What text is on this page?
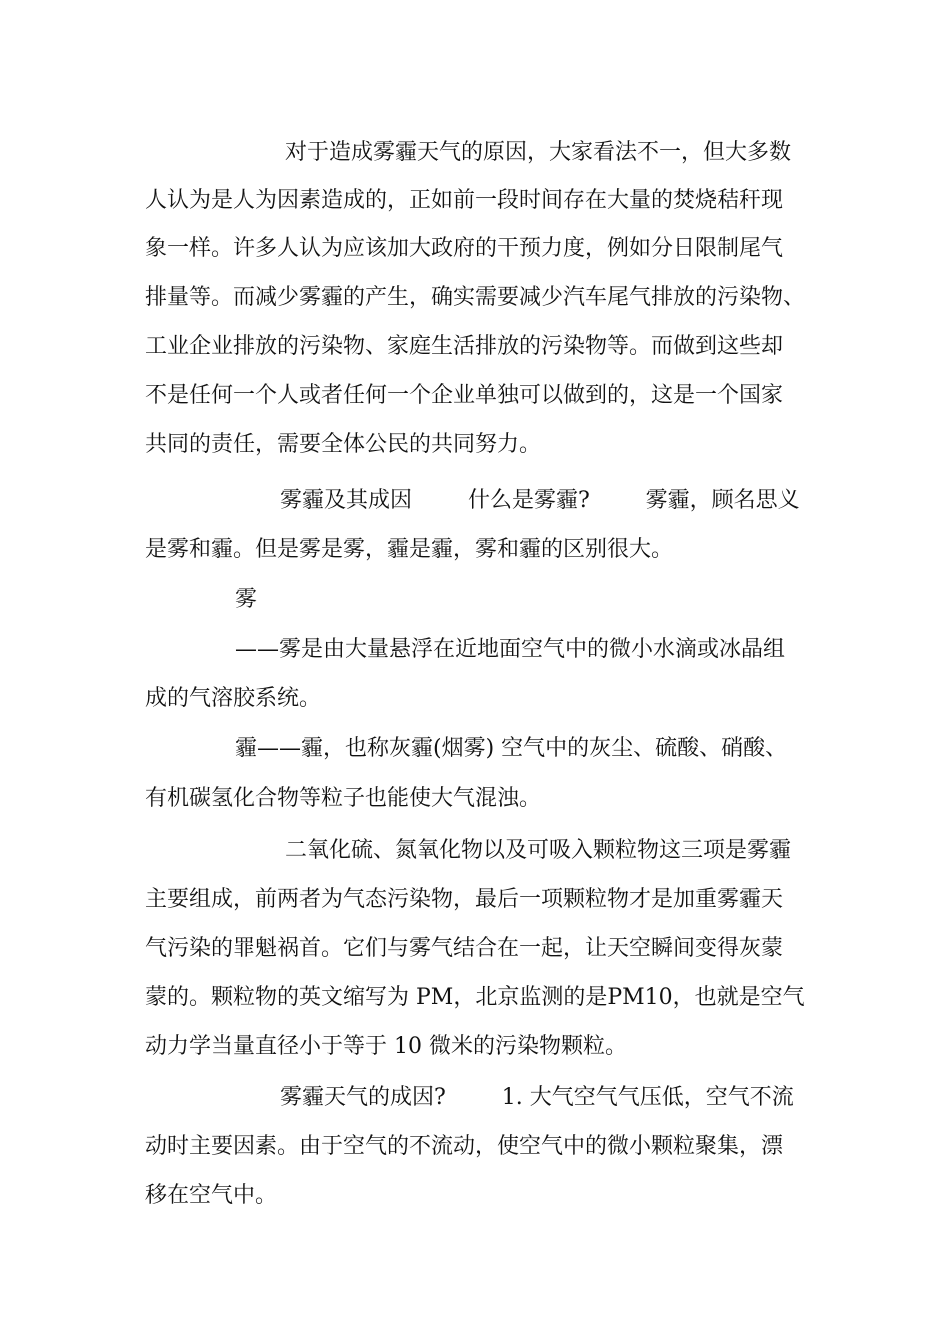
对于造成雾霾天气的原因，大家看法不一，但大多数
人认为是人为因素造成的，正如前一段时间存在大量的焚烧秸秆现
象一样。许多人认为应该加大政府的干预力度，例如分日限制尾气
排量等。而减少雾霾的产生，确实需要减少汽车尾气排放的污染物、
工业企业排放的污染物、家庭生活排放的污染物等。而做到这些却
不是任何一个人或者任何一个企业单独可以做到的，这是一个国家
共同的责任，需要全体公民的共同努力。
雾霾及其成因        什么是雾霾?        雾霾，顾名思义
是雾和霾。但是雾是雾，霾是霾，雾和霾的区别很大。
雾
——雾是由大量悬浮在近地面空气中的微小水滴或冰晶组
成的气溶胶系统。
霾——霾，也称灰霾(烟雾) 空气中的灰尘、硫酸、硝酸、
有机碳氢化合物等粒子也能使大气混浊。
二氧化硫、氮氧化物以及可吸入颗粒物这三项是雾霾
主要组成，前两者为气态污染物，最后一项颗粒物才是加重雾霾天
气污染的罪魁祸首。它们与雾气结合在一起，让天空瞬间变得灰蒙
蒙的。颗粒物的英文缩写为 PM，北京监测的是PM10，也就是空气
动力学当量直径小于等于 10 微米的污染物颗粒。
雾霾天气的成因?        1. 大气空气气压低，空气不流
动时主要因素。由于空气的不流动，使空气中的微小颗粒聚集，漂
移在空气中。
